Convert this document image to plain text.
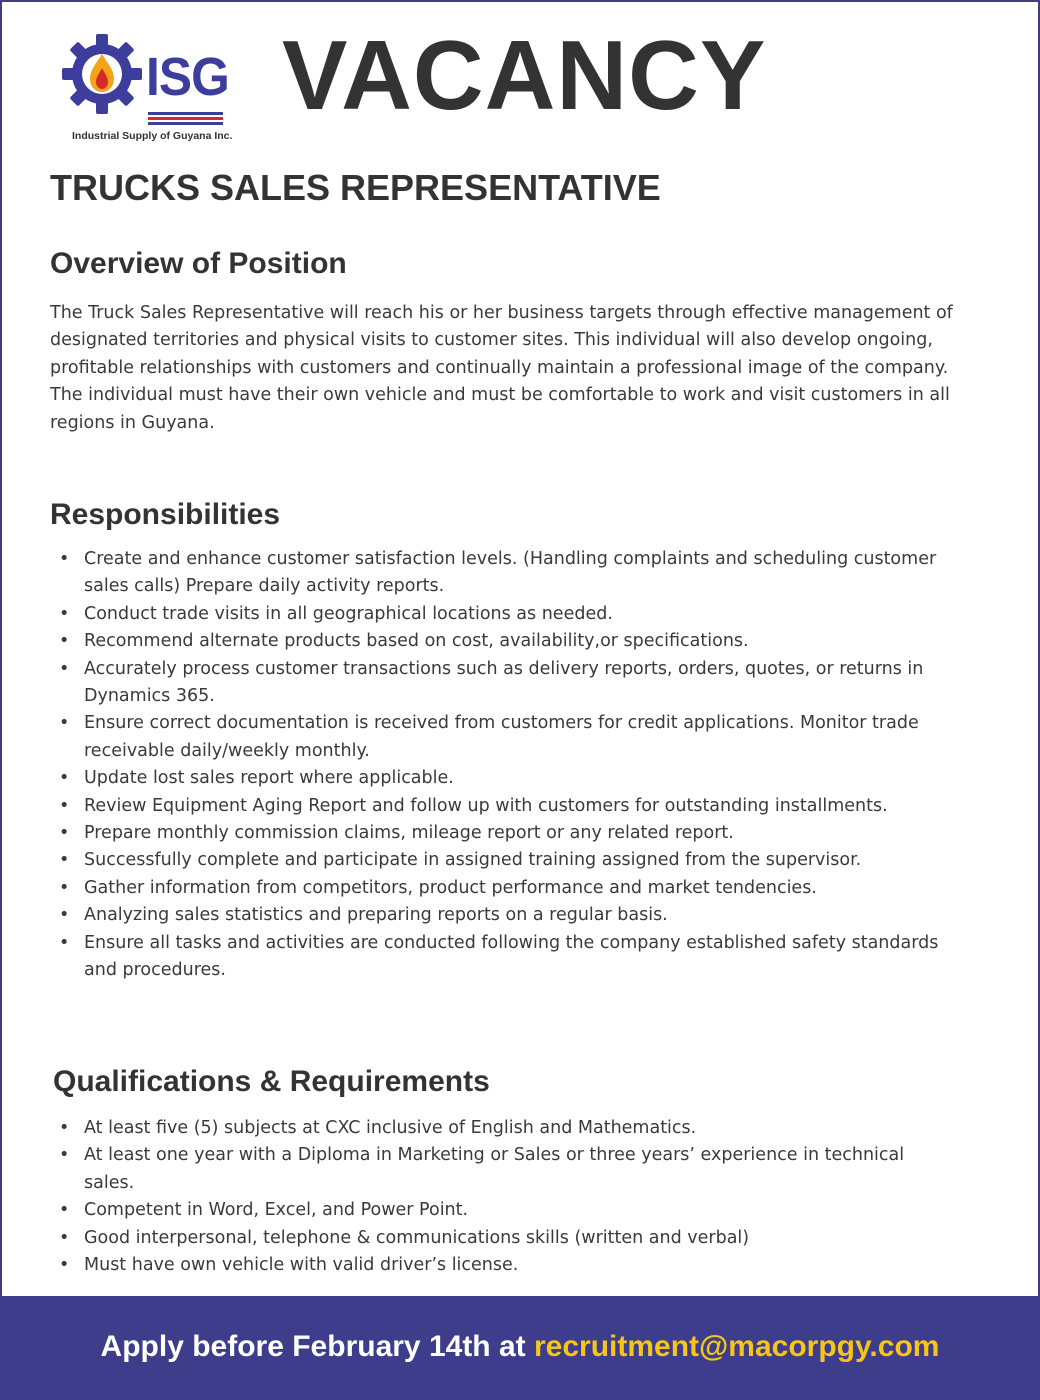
ISG
Industrial Supply of Guyana Inc.
VACANCY
TRUCKS SALES REPRESENTATIVE
Overview of Position

The Truck Sales Representative will reach his or her business targets through effective management of designated territories and physical visits to customer sites. This individual will also develop ongoing, profitable relationships with customers and continually maintain a professional image of the company. The individual must have their own vehicle and must be comfortable to work and visit customers in all regions in Guyana.

Responsibilities
• Create and enhance customer satisfaction levels. (Handling complaints and scheduling customer sales calls) Prepare daily activity reports.
• Conduct trade visits in all geographical locations as needed.
• Recommend alternate products based on cost, availability,or specifications.
• Accurately process customer transactions such as delivery reports, orders, quotes, or returns in Dynamics 365.
• Ensure correct documentation is received from customers for credit applications. Monitor trade receivable daily/weekly monthly.
• Update lost sales report where applicable.
• Review Equipment Aging Report and follow up with customers for outstanding installments.
• Prepare monthly commission claims, mileage report or any related report.
• Successfully complete and participate in assigned training assigned from the supervisor.
• Gather information from competitors, product performance and market tendencies.
• Analyzing sales statistics and preparing reports on a regular basis.
• Ensure all tasks and activities are conducted following the company established safety standards and procedures.
Qualifications & Requirements
• At least five (5) subjects at CXC inclusive of English and Mathematics.
• At least one year with a Diploma in Marketing or Sales or three years’ experience in technical sales.
• Competent in Word, Excel, and Power Point.
• Good interpersonal, telephone & communications skills (written and verbal)
• Must have own vehicle with valid driver’s license.
Apply before February 14th at recruitment@macorpgy.com
